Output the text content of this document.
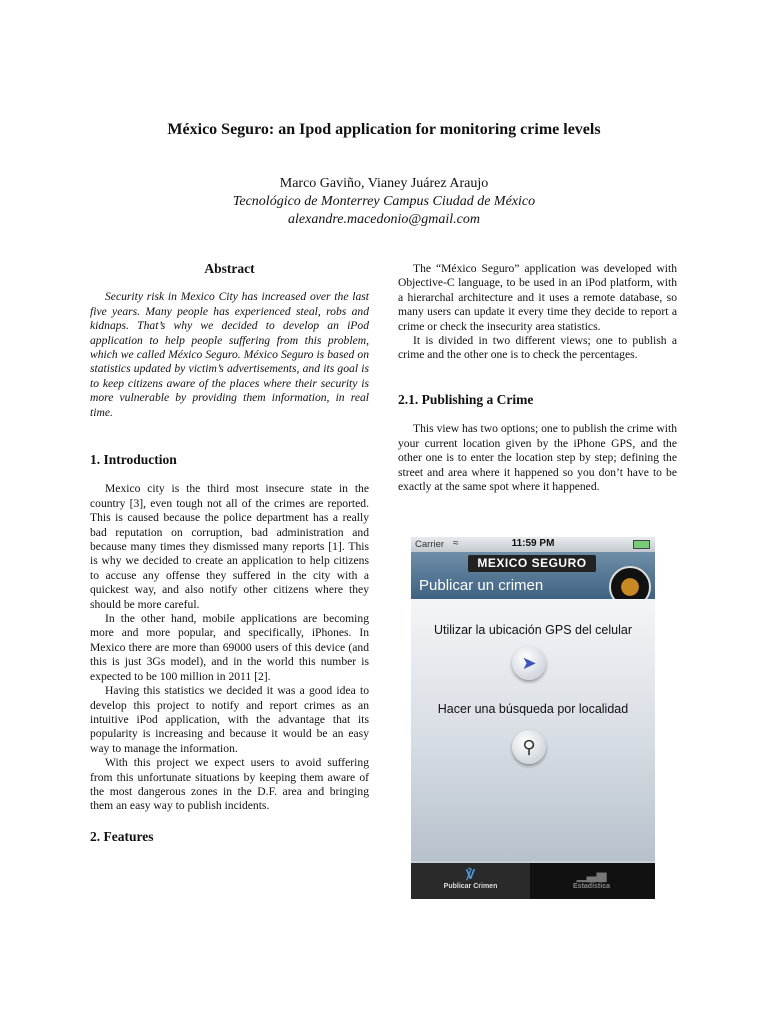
México Seguro: an Ipod application for monitoring crime levels
Marco Gaviño, Vianey Juárez Araujo
Tecnológico de Monterrey Campus Ciudad de México
alexandre.macedonio@gmail.com
Abstract

Security risk in Mexico City has increased over the last five years. Many people has experienced steal, robs and kidnaps. That’s why we decided to develop an iPod application to help people suffering from this problem, which we called México Seguro. México Seguro is based on statistics updated by victim’s advertisements, and its goal is to keep citizens aware of the places where their security is more vulnerable by providing them information, in real time.

1. Introduction

Mexico city is the third most insecure state in the country [3], even tough not all of the crimes are reported. This is caused because the police department has a really bad reputation on corruption, bad administration and because many times they dismissed many reports [1]. This is why we decided to create an application to help citizens to accuse any offense they suffered in the city with a quickest way, and also notify other citizens where they should be more careful.

In the other hand, mobile applications are becoming more and more popular, and specifically, iPhones. In Mexico there are more than 69000 users of this device (and this is just 3Gs model), and in the world this number is expected to be 100 million in 2011 [2].

Having this statistics we decided it was a good idea to develop this project to notify and report crimes as an intuitive iPod application, with the advantage that its popularity is increasing and because it would be an easy way to manage the information.

With this project we expect users to avoid suffering from this unfortunate situations by keeping them aware of the most dangerous zones in the D.F. area and bringing them an easy way to publish incidents.

2. Features

The “México Seguro” application was developed with Objective-C language, to be used in an iPod platform, with a hierarchal architecture and it uses a remote database, so many users can update it every time they decide to report a crime or check the insecurity area statistics.

It is divided in two different views; one to publish a crime and the other one is to check the percentages.

2.1. Publishing a Crime

This view has two options; one to publish the crime with your current location given by the iPhone GPS, and the other one is to enter the location step by step; defining the street and area where it happened so you don’t have to be exactly at the same spot where it happened.

Carrier ≈	11:59 PM
MEXICO SEGURO
Publicar un crimen
Utilizar la ubicación GPS del celular
➤
Hacer una búsqueda por localidad
⚲
℣
Publicar Crimen
▁▃▅
Estadística
